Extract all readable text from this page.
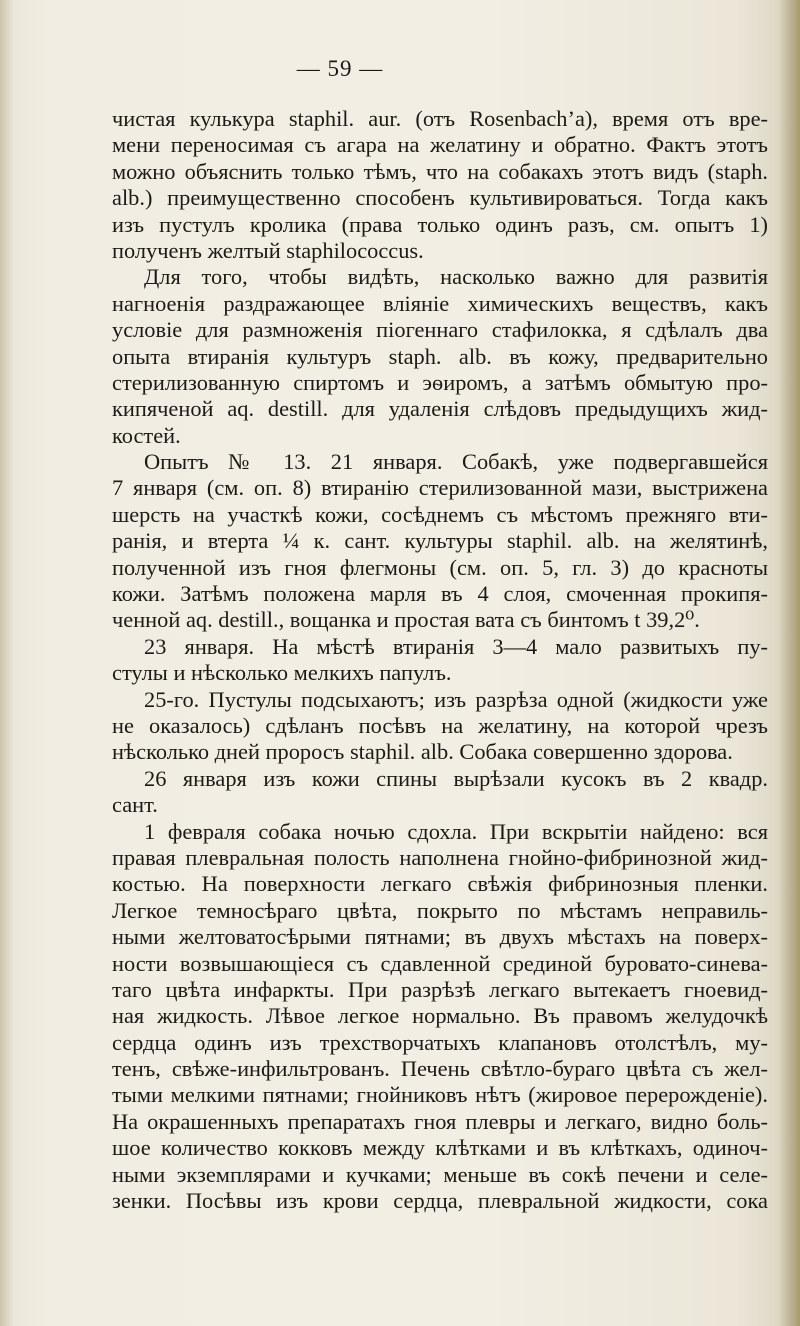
— 59 —
чистая кулькура staphil. aur. (отъ Rosenbach’а), время отъ вре-
мени переносимая съ агара на желатину и обратно. Фактъ этотъ
можно объяснить только тѣмъ, что на собакахъ этотъ видъ (staph.
alb.) преимущественно способенъ культивироваться. Тогда какъ
изъ пустулъ кролика (права только одинъ разъ, см. опытъ 1)
полученъ желтый staphilococcus.
Для того, чтобы видѣть, насколько важно для развитія
нагноенія раздражающее вліяніе химическихъ веществъ, какъ
условіе для размноженія піогеннаго стафилокка, я сдѣлалъ два
опыта втиранія культуръ staph. alb. въ кожу, предварительно
стерилизованную спиртомъ и эѳиромъ, а затѣмъ обмытую про-
кипяченой aq. destill. для удаленія слѣдовъ предыдущихъ жид-
костей.
Опытъ № 13. 21 января. Собакѣ, уже подвергавшейся
7 января (см. оп. 8) втиранію стерилизованной мази, выстрижена
шерсть на участкѣ кожи, сосѣднемъ съ мѣстомъ прежняго вти-
ранія, и втерта ¼ к. сант. культуры staphil. alb. на желятинѣ,
полученной изъ гноя флегмоны (см. оп. 5, гл. 3) до красноты
кожи. Затѣмъ положена марля въ 4 слоя, смоченная прокипя-
ченной aq. destill., вощанка и простая вата съ бинтомъ t 39,2⁰.
23 января. На мѣстѣ втиранія 3—4 мало развитыхъ пу-
стулы и нѣсколько мелкихъ папулъ.
25-го. Пустулы подсыхаютъ; изъ разрѣза одной (жидкости уже
не оказалось) сдѣланъ посѣвъ на желатину, на которой чрезъ
нѣсколько дней проросъ staphil. alb. Собака совершенно здорова.
26 января изъ кожи спины вырѣзали кусокъ въ 2 квадр.
сант.
1 февраля собака ночью сдохла. При вскрытіи найдено: вся
правая плевральная полость наполнена гнойно-фибринозной жид-
костью. На поверхности легкаго свѣжія фибринозныя пленки.
Легкое темносѣраго цвѣта, покрыто по мѣстамъ неправиль-
ными желтоватосѣрыми пятнами; въ двухъ мѣстахъ на поверх-
ности возвышающіеся съ сдавленной срединой буровато-синева-
таго цвѣта инфаркты. При разрѣзѣ легкаго вытекаетъ гноевид-
ная жидкость. Лѣвое легкое нормально. Въ правомъ желудочкѣ
сердца одинъ изъ трехстворчатыхъ клапановъ отолстѣлъ, му-
тенъ, свѣже-инфильтрованъ. Печень свѣтло-бураго цвѣта съ жел-
тыми мелкими пятнами; гнойниковъ нѣтъ (жировое перерожденіе).
На окрашенныхъ препаратахъ гноя плевры и легкаго, видно боль-
шое количество кокковъ между клѣтками и въ клѣткахъ, одиноч-
ными экземплярами и кучками; меньше въ сокѣ печени и селе-
зенки. Посѣвы изъ крови сердца, плевральной жидкости, сока
